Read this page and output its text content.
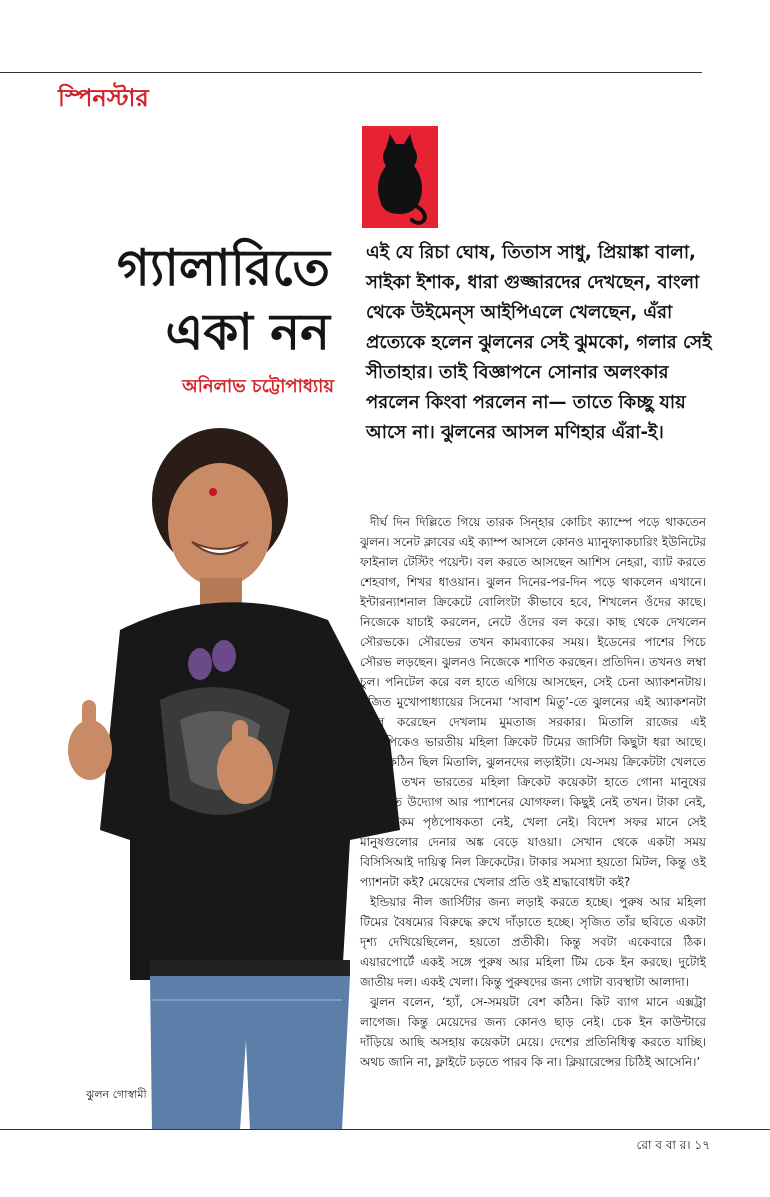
স্পিনস্টার
গ্যালারিতে
একা নন
অনিলাভ চট্টোপাধ্যায়
এই যে রিচা ঘোষ, তিতাস সাধু, প্রিয়াঙ্কা বালা, সাইকা ইশাক, ধারা গুজ্জারদের দেখছেন, বাংলা থেকে উইমেন্‌স আইপিএলে খেলছেন, এঁরা প্রত্যেকে হলেন ঝুলনের সেই ঝুমকো, গলার সেই সীতাহার। তাই বিজ্ঞাপনে সোনার অলংকার পরলেন কিংবা পরলেন না— তাতে কিচ্ছু যায় আসে না। ঝুলনের আসল মণিহার এঁরা-ই।
ঝুলন গোস্বামী

দীর্ঘ দিন দিল্লিতে গিয়ে তারক সিন্‌হার কোচিং ক্যাম্পে পড়ে থাকতেন ঝুলন। সনেট ক্লাবের এই ক্যাম্প আসলে কোনও ম্যানুফ্যাকচারিং ইউনিটের ফাইনাল টেস্টিং পয়েন্ট। বল করতে আসছেন আশিস নেহরা, ব্যাট করতে শেহবাগ, শিখর ধাওয়ান। ঝুলন দিনের-পর-দিন পড়ে থাকলেন এখানে। ইন্টারন্যাশনাল ক্রিকেটে বোলিংটা কীভাবে হবে, শিখলেন ওঁদের কাছে। নিজেকে যাচাই করলেন, নেটে ওঁদের বল করে। কাছ থেকে দেখলেন সৌরভকে। সৌরভের তখন কামব্যাকের সময়। ইডেনের পাশের পিচে সৌরভ লড়ছেন। ঝুলনও নিজেকে শাণিত করছেন। প্রতিদিন। তখনও লম্বা চুল। পনিটেল করে বল হাতে এগিয়ে আসছেন, সেই চেনা অ্যাকশনটায়। সৃজিত মুখোপাধ্যায়ের সিনেমা ‘সাবাশ মিতু’-তে ঝুলনের এই অ্যাকশনটা নকল করেছেন দেখলাম মুমতাজ সরকার। মিতালি রাজের এই বায়োপিকেও ভারতীয় মহিলা ক্রিকেট টিমের জার্সিটা কিছুটা ধরা আছে। সত্যি কঠিন ছিল মিতালি, ঝুলনদের লড়াইটা। যে-সময় ক্রিকেটটা খেলতে এলেন, তখন ভারতের মহিলা ক্রিকেট কয়েকটা হাতে গোনা মানুষের ব্যক্তিগত উদ্যোগ আর প্যাশনের যোগফল। কিছুই নেই তখন। টাকা নেই, কোনওরকম পৃষ্ঠপোষকতা নেই, খেলা নেই। বিদেশ সফর মানে সেই মানুষগুলোর দেনার অঙ্ক বেড়ে যাওয়া। সেখান থেকে একটা সময় বিসিসিআই দায়িত্ব নিল ক্রিকেটের। টাকার সমস্যা হয়তো মিটল, কিন্তু ওই প্যাশনটা কই? মেয়েদের খেলার প্রতি ওই শ্রদ্ধাবোধটা কই?

ইন্ডিয়ার নীল জার্সিটার জন্য লড়াই করতে হচ্ছে। পুরুষ আর মহিলা টিমের বৈষম্যের বিরুদ্ধে রুখে দাঁড়াতে হচ্ছে। সৃজিত তাঁর ছবিতে একটা দৃশ্য দেখিয়েছিলেন, হয়তো প্রতীকী। কিন্তু সবটা একেবারে ঠিক। এয়ারপোর্টে একই সঙ্গে পুরুষ আর মহিলা টিম চেক ইন করছে। দুটোই জাতীয় দল। একই খেলা। কিন্তু পুরুষদের জন্য গোটা ব্যবস্থাটা আলাদা।

ঝুলন বলেন, ‘হ্যাঁ, সে-সময়টা বেশ কঠিন। কিট ব্যাগ মানে এক্সট্রা লাগেজ। কিন্তু মেয়েদের জন্য কোনও ছাড় নেই। চেক ইন কাউন্টারে দাঁড়িয়ে আছি অসহায় কয়েকটা মেয়ে। দেশের প্রতিনিধিত্ব করতে যাচ্ছি। অথচ জানি না, ফ্লাইটে চড়তে পারব কি না। ক্লিয়ারেন্সের চিঠিই আসেনি।’

রো ব বা র। ১৭
